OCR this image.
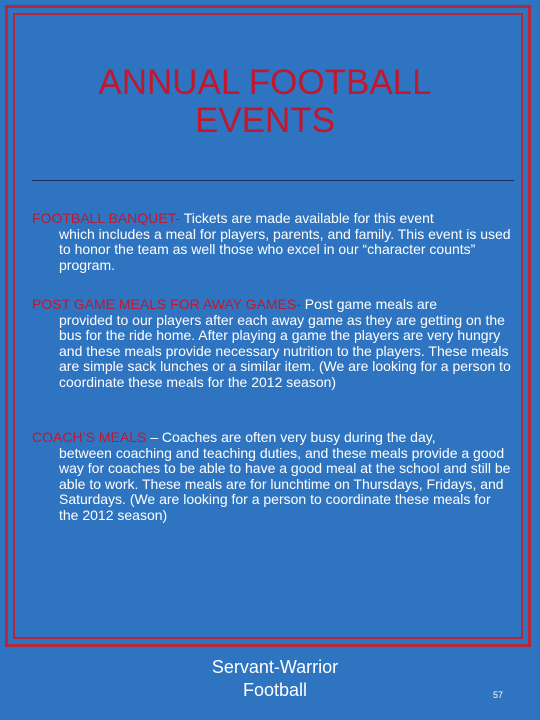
ANNUAL FOOTBALL
EVENTS
FOOTBALL BANQUET- Tickets are made available for this event
which includes a meal for players, parents, and family. This event is used to honor the team as well those who excel in our “character counts” program.
POST GAME MEALS FOR AWAY GAMES- Post game meals are
provided to our players after each away game as they are getting on the bus for the ride home. After playing a game the players are very hungry and these meals provide necessary nutrition to the players. These meals are simple sack lunches or a similar item. (We are looking for a person to coordinate these meals for the 2012 season)
COACH’S MEALS – Coaches are often very busy during the day,
between coaching and teaching duties, and these meals provide a good way for coaches to be able to have a good meal at the school and still be able to work. These meals are for lunchtime on Thursdays, Fridays, and Saturdays. (We are looking for a person to coordinate these meals for the 2012 season)
Servant-Warrior
Football	57
